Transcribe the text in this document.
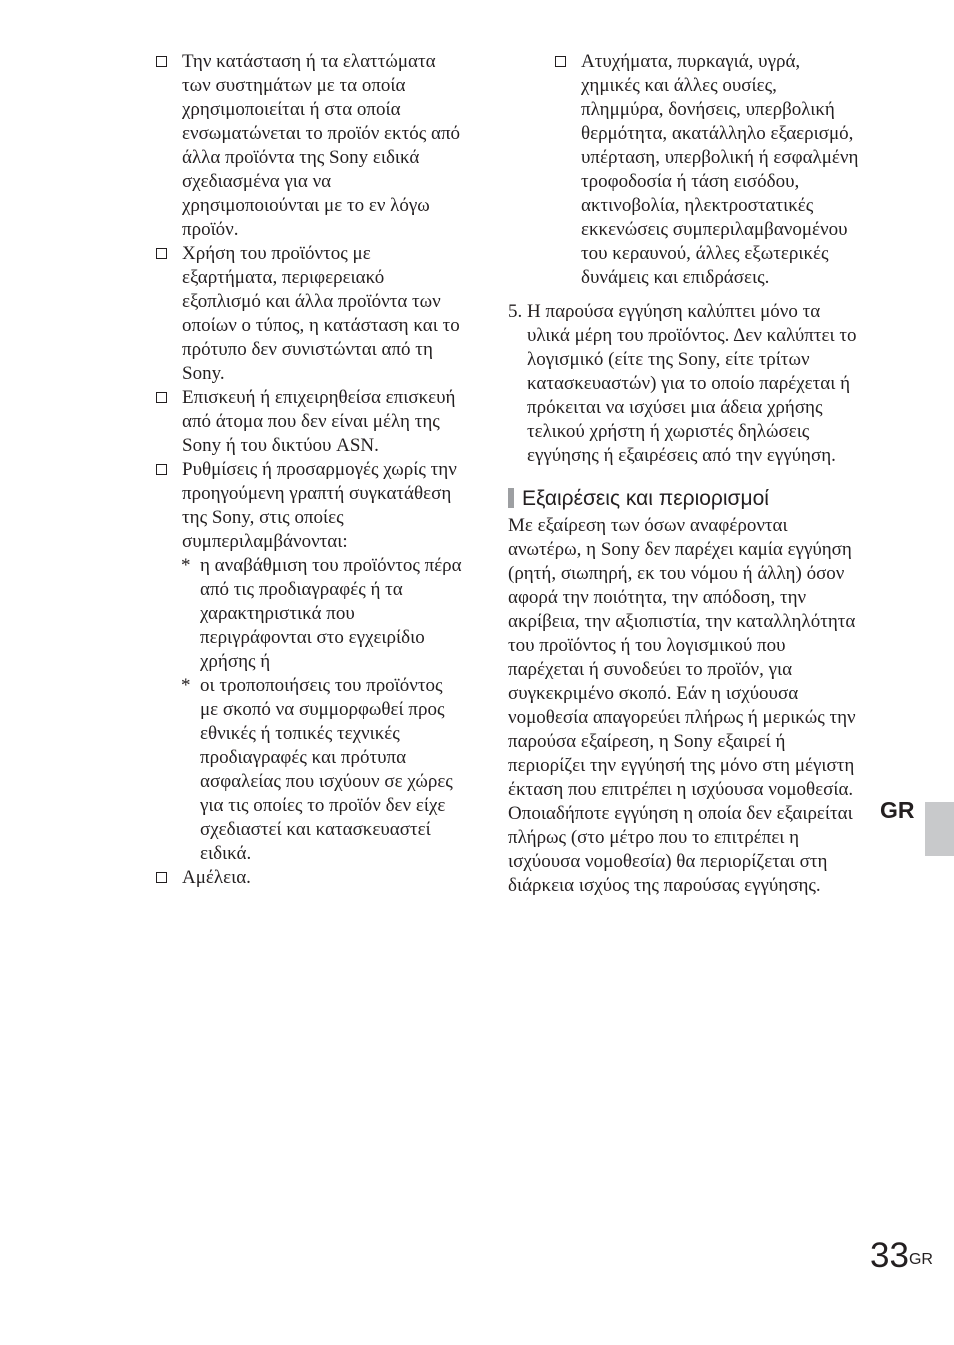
Την κατάσταση ή τα ελαττώματα των συστημάτων με τα οποία χρησιμοποιείται ή στα οποία ενσωματώνεται το προϊόν εκτός από άλλα προϊόντα της Sony ειδικά σχεδιασμένα για να χρησιμοποιούνται με το εν λόγω προϊόν.
Χρήση του προϊόντος με εξαρτήματα, περιφερειακό εξοπλισμό και άλλα προϊόντα των οποίων ο τύπος, η κατάσταση και το πρότυπο δεν συνιστώνται από τη Sony.
Επισκευή ή επιχειρηθείσα επισκευή από άτομα που δεν είναι μέλη της Sony ή του δικτύου ASN.
Ρυθμίσεις ή προσαρμογές χωρίς την προηγούμενη γραπτή συγκατάθεση της Sony, στις οποίες συμπεριλαμβάνονται:
* η αναβάθμιση του προϊόντος πέρα από τις προδιαγραφές ή τα χαρακτηριστικά που περιγράφονται στο εγχειρίδιο χρήσης ή
* οι τροποποιήσεις του προϊόντος με σκοπό να συμμορφωθεί προς εθνικές ή τοπικές τεχνικές προδιαγραφές και πρότυπα ασφαλείας που ισχύουν σε χώρες για τις οποίες το προϊόν δεν είχε σχεδιαστεί και κατασκευαστεί ειδικά.
Αμέλεια.
Ατυχήματα, πυρκαγιά, υγρά, χημικές και άλλες ουσίες, πλημμύρα, δονήσεις, υπερβολική θερμότητα, ακατάλληλο εξαερισμό, υπέρταση, υπερβολική ή εσφαλμένη τροφοδοσία ή τάση εισόδου, ακτινοβολία, ηλεκτροστατικές εκκενώσεις συμπεριλαμβανομένου του κεραυνού, άλλες εξωτερικές δυνάμεις και επιδράσεις.
5. Η παρούσα εγγύηση καλύπτει μόνο τα υλικά μέρη του προϊόντος. Δεν καλύπτει το λογισμικό (είτε της Sony, είτε τρίτων κατασκευαστών) για το οποίο παρέχεται ή πρόκειται να ισχύσει μια άδεια χρήσης τελικού χρήστη ή χωριστές δηλώσεις εγγύησης ή εξαιρέσεις από την εγγύηση.
Εξαιρέσεις και περιορισμοί

Με εξαίρεση των όσων αναφέρονται ανωτέρω, η Sony δεν παρέχει καμία εγγύηση (ρητή, σιωπηρή, εκ του νόμου ή άλλη) όσον αφορά την ποιότητα, την απόδοση, την ακρίβεια, την αξιοπιστία, την καταλληλότητα του προϊόντος ή του λογισμικού που παρέχεται ή συνοδεύει το προϊόν, για συγκεκριμένο σκοπό. Εάν η ισχύουσα νομοθεσία απαγορεύει πλήρως ή μερικώς την παρούσα εξαίρεση, η Sony εξαιρεί ή περιορίζει την εγγύησή της μόνο στη μέγιστη έκταση που επιτρέπει η ισχύουσα νομοθεσία. Οποιαδήποτε εγγύηση η οποία δεν εξαιρείται πλήρως (στο μέτρο που το επιτρέπει η ισχύουσα νομοθεσία) θα περιορίζεται στη διάρκεια ισχύος της παρούσας εγγύησης.

GR
$33^{GR}$
